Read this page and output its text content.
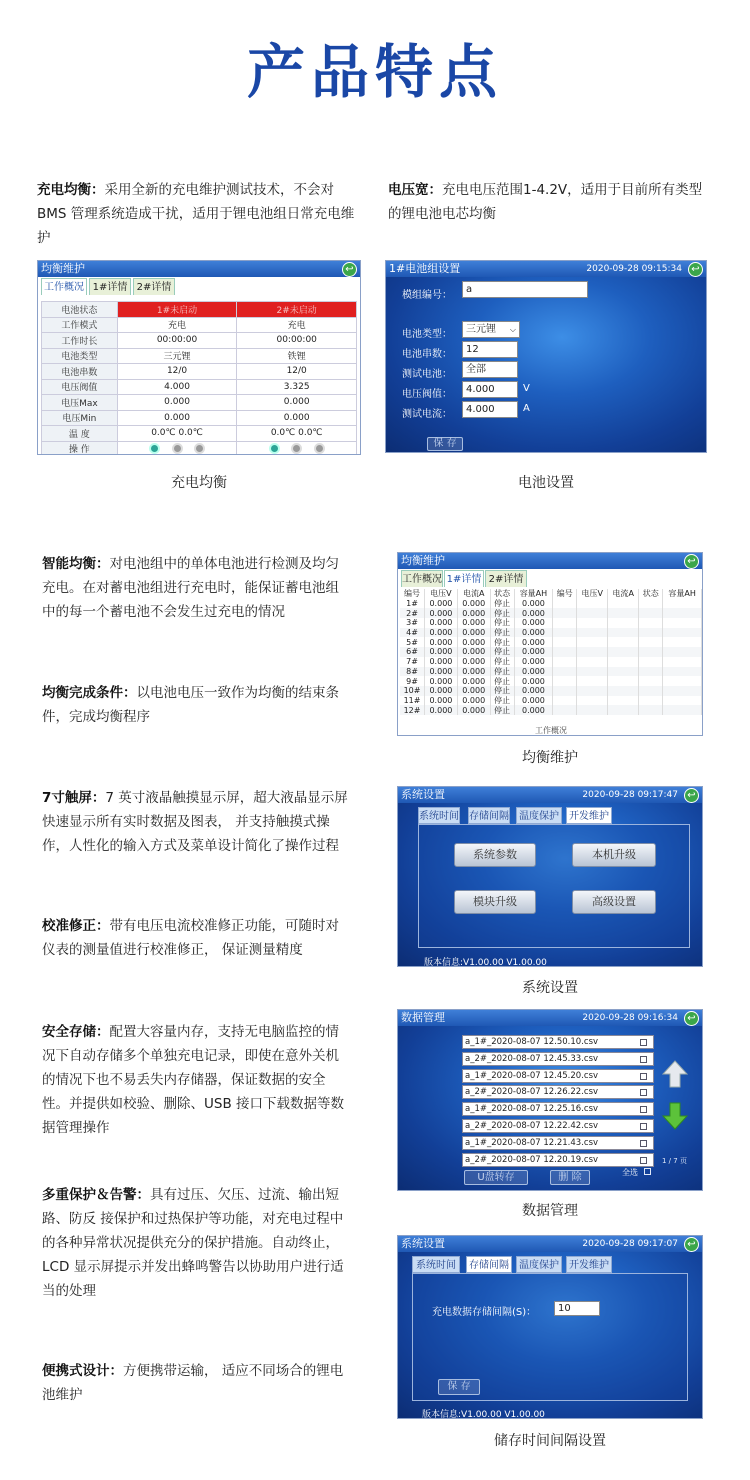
产品特点
充电均衡：采用全新的充电维护测试技术，不会对BMS 管理系统造成干扰，适用于锂电池组日常充电维护
电压宽：充电电压范围1-4.2V，适用于目前所有类型的锂电池电芯均衡
均衡维护	↩
工作概况 1#详情 2#详情
电池状态	1#未启动	2#未启动
工作模式	充电	充电
工作时长	00:00:00	00:00:00
电池类型	三元锂	铁锂
电池串数	12/0	12/0
电压阀值	4.000	3.325
电压Max	0.000	0.000
电压Min	0.000	0.000
温 度	0.0℃ 0.0℃	0.0℃ 0.0℃
操 作		
充电均衡
1#电池组设置	2020-09-28 09:15:34 ↩
模组编号：
a
电池类型：	三元锂 ⌵
电池串数：	12
测试电池：	全部
电压阀值：	4.000	V
测试电流：	4.000	A
保 存
电池设置
智能均衡：对电池组中的单体电池进行检测及均匀充电。在对蓄电池组进行充电时，能保证蓄电池组中的每一个蓄电池不会发生过充电的情况
均衡完成条件：以电池电压一致作为均衡的结束条件，完成均衡程序
均衡维护	↩
工作概况 1#详情 2#详情
编号	电压V	电流A	状态	容量AH	编号	电压V	电流A	状态	容量AH
1#	0.000	0.000	停止	0.000					
2#	0.000	0.000	停止	0.000					
3#	0.000	0.000	停止	0.000					
4#	0.000	0.000	停止	0.000					
5#	0.000	0.000	停止	0.000					
6#	0.000	0.000	停止	0.000					
7#	0.000	0.000	停止	0.000					
8#	0.000	0.000	停止	0.000					
9#	0.000	0.000	停止	0.000					
10#	0.000	0.000	停止	0.000					
11#	0.000	0.000	停止	0.000					
12#	0.000	0.000	停止	0.000					
工作概况
均衡维护
7寸触屏：7 英寸液晶触摸显示屏，超大液晶显示屏快速显示所有实时数据及图表， 并支持触摸式操作，人性化的输入方式及菜单设计简化了操作过程
校准修正：带有电压电流校准修正功能，可随时对仪表的测量值进行校准修正， 保证测量精度
系统设置	2020-09-28 09:17:47 ↩
系统时间 存储间隔	温度保护	开发维护
系统参数	本机升级
模块升级	高级设置
版本信息:V1.00.00 V1.00.00
系统设置
安全存储：配置大容量内存，支持无电脑监控的情况下自动存储多个单独充电记录，即使在意外关机的情况下也不易丢失内存储器，保证数据的安全性。并提供如校验、删除、USB 接口下载数据等数据管理操作
数据管理	2020-09-28 09:16:34 ↩
a_1#_2020-08-07 12.50.10.csv
a_2#_2020-08-07 12.45.33.csv
a_1#_2020-08-07 12.45.20.csv
a_2#_2020-08-07 12.26.22.csv
a_1#_2020-08-07 12.25.16.csv
a_2#_2020-08-07 12.22.42.csv
a_1#_2020-08-07 12.21.43.csv
a_2#_2020-08-07 12.20.19.csv	1 / 7 页
全选
U盘转存	删 除
数据管理
多重保护＆告警：具有过压、欠压、过流、输出短路、防反 接保护和过热保护等功能，对充电过程中的各种异常状况提供充分的保护措施。自动终止，LCD 显示屏提示并发出蜂鸣警告以协助用户进行适当的处理
便携式设计：方便携带运输， 适应不同场合的锂电池维护
系统设置	2020-09-28 09:17:07 ↩
系统时间	存储间隔	温度保护	开发维护
充电数据存储间隔(S)：	10
保 存
版本信息:V1.00.00 V1.00.00
储存时间间隔设置
